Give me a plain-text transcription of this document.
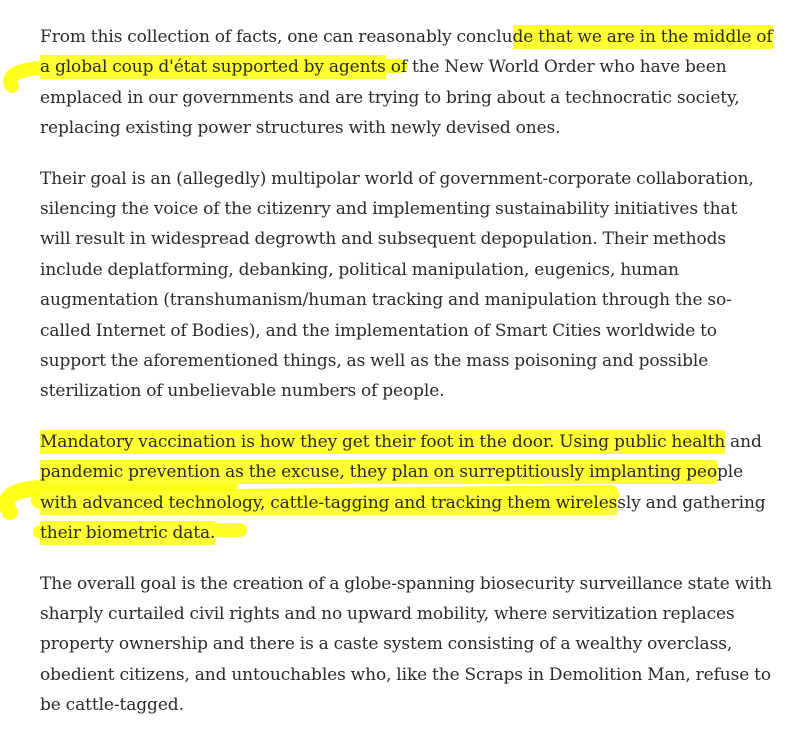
From this collection of facts, one can reasonably conclude that we are in the middle of
a global coup d'état supported by agents of the New World Order who have been
emplaced in our governments and are trying to bring about a technocratic society,
replacing existing power structures with newly devised ones.

Their goal is an (allegedly) multipolar world of government-corporate collaboration,
silencing the voice of the citizenry and implementing sustainability initiatives that
will result in widespread degrowth and subsequent depopulation. Their methods
include deplatforming, debanking, political manipulation, eugenics, human
augmentation (transhumanism/human tracking and manipulation through the so-
called Internet of Bodies), and the implementation of Smart Cities worldwide to
support the aforementioned things, as well as the mass poisoning and possible
sterilization of unbelievable numbers of people.

Mandatory vaccination is how they get their foot in the door. Using public health and
pandemic prevention as the excuse, they plan on surreptitiously implanting people
with advanced technology, cattle-tagging and tracking them wirelessly and gathering
their biometric data.

The overall goal is the creation of a globe-spanning biosecurity surveillance state with
sharply curtailed civil rights and no upward mobility, where servitization replaces
property ownership and there is a caste system consisting of a wealthy overclass,
obedient citizens, and untouchables who, like the Scraps in Demolition Man, refuse to
be cattle-tagged.
